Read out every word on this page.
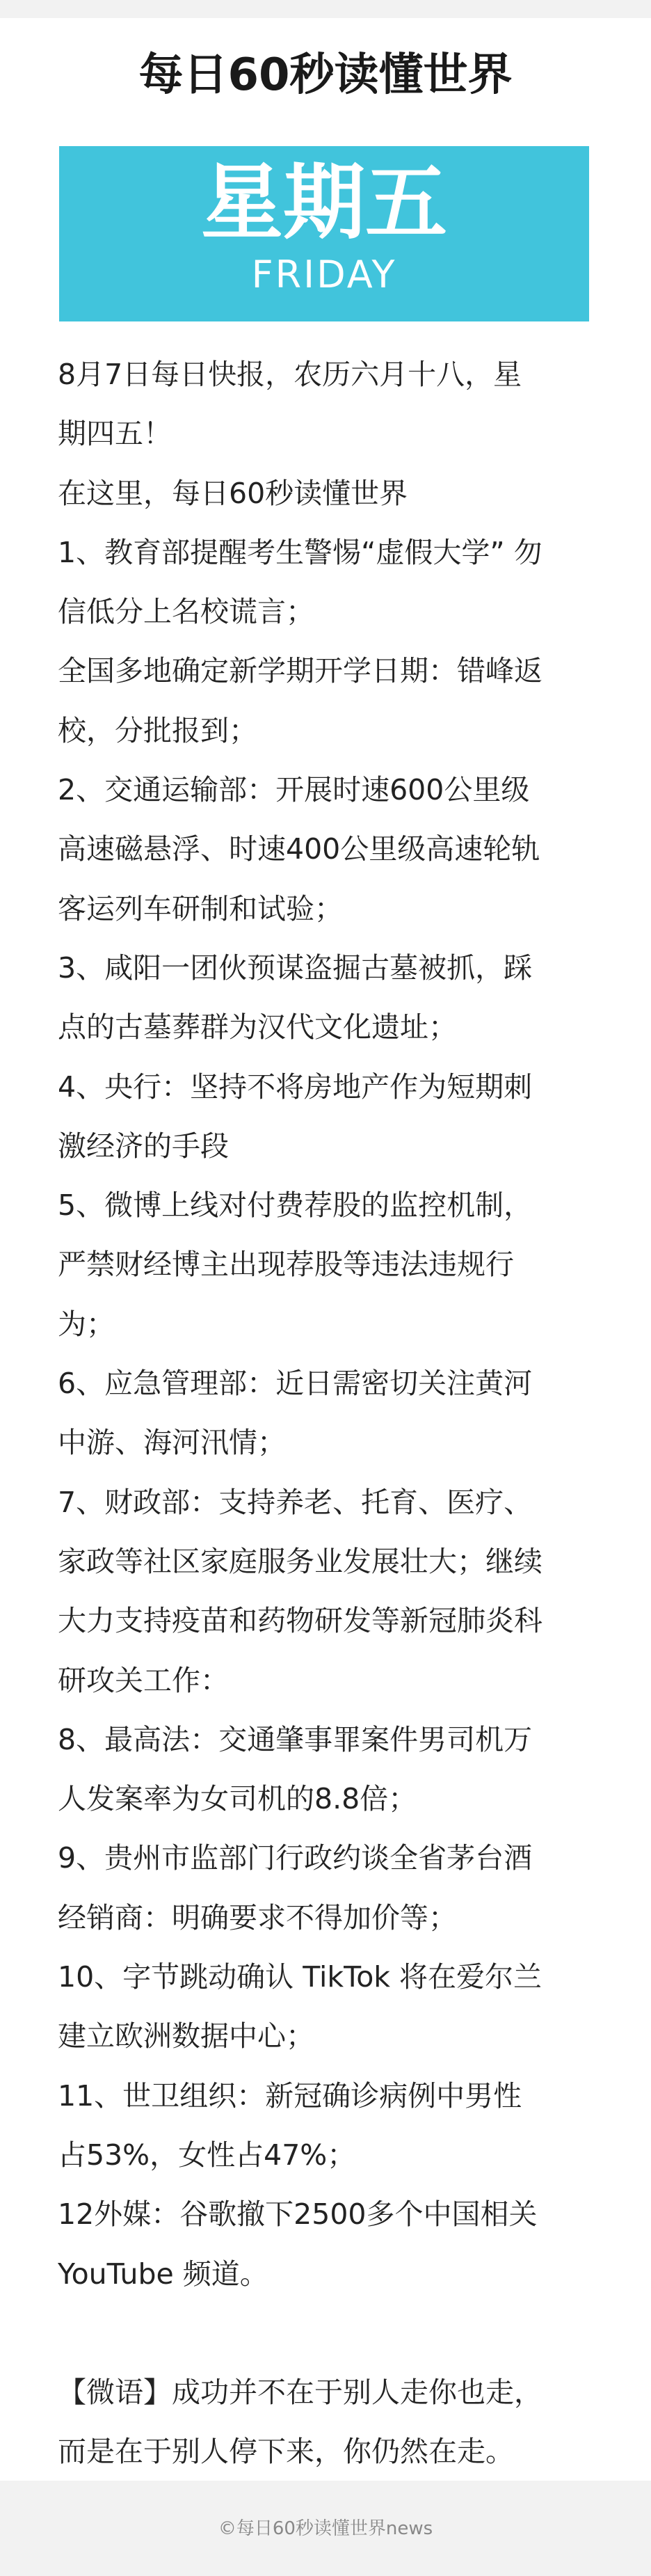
每日60秒读懂世界
星期五
FRIDAY

8月7日每日快报，农历六月十八，星

期四五！

在这里，每日60秒读懂世界

1、教育部提醒考生警惕“虚假大学” 勿

信低分上名校谎言；

全国多地确定新学期开学日期：错峰返

校，分批报到；

2、交通运输部：开展时速600公里级

高速磁悬浮、时速400公里级高速轮轨

客运列车研制和试验；

3、咸阳一团伙预谋盗掘古墓被抓，踩

点的古墓葬群为汉代文化遗址；

4、央行：坚持不将房地产作为短期刺

激经济的手段

5、微博上线对付费荐股的监控机制，

严禁财经博主出现荐股等违法违规行

为；

6、应急管理部：近日需密切关注黄河

中游、海河汛情；

7、财政部：支持养老、托育、医疗、

家政等社区家庭服务业发展壮大；继续

大力支持疫苗和药物研发等新冠肺炎科

研攻关工作：

8、最高法：交通肇事罪案件男司机万

人发案率为女司机的8.8倍；

9、贵州市监部门行政约谈全省茅台酒

经销商：明确要求不得加价等；

10、字节跳动确认 TikTok 将在爱尔兰

建立欧洲数据中心；

11、世卫组织：新冠确诊病例中男性

占53%，女性占47%；

12外媒：谷歌撤下2500多个中国相关

YouTube 频道。

【微语】成功并不在于别人走你也走，

而是在于别人停下来，你仍然在走。

©每日60秒读懂世界news
